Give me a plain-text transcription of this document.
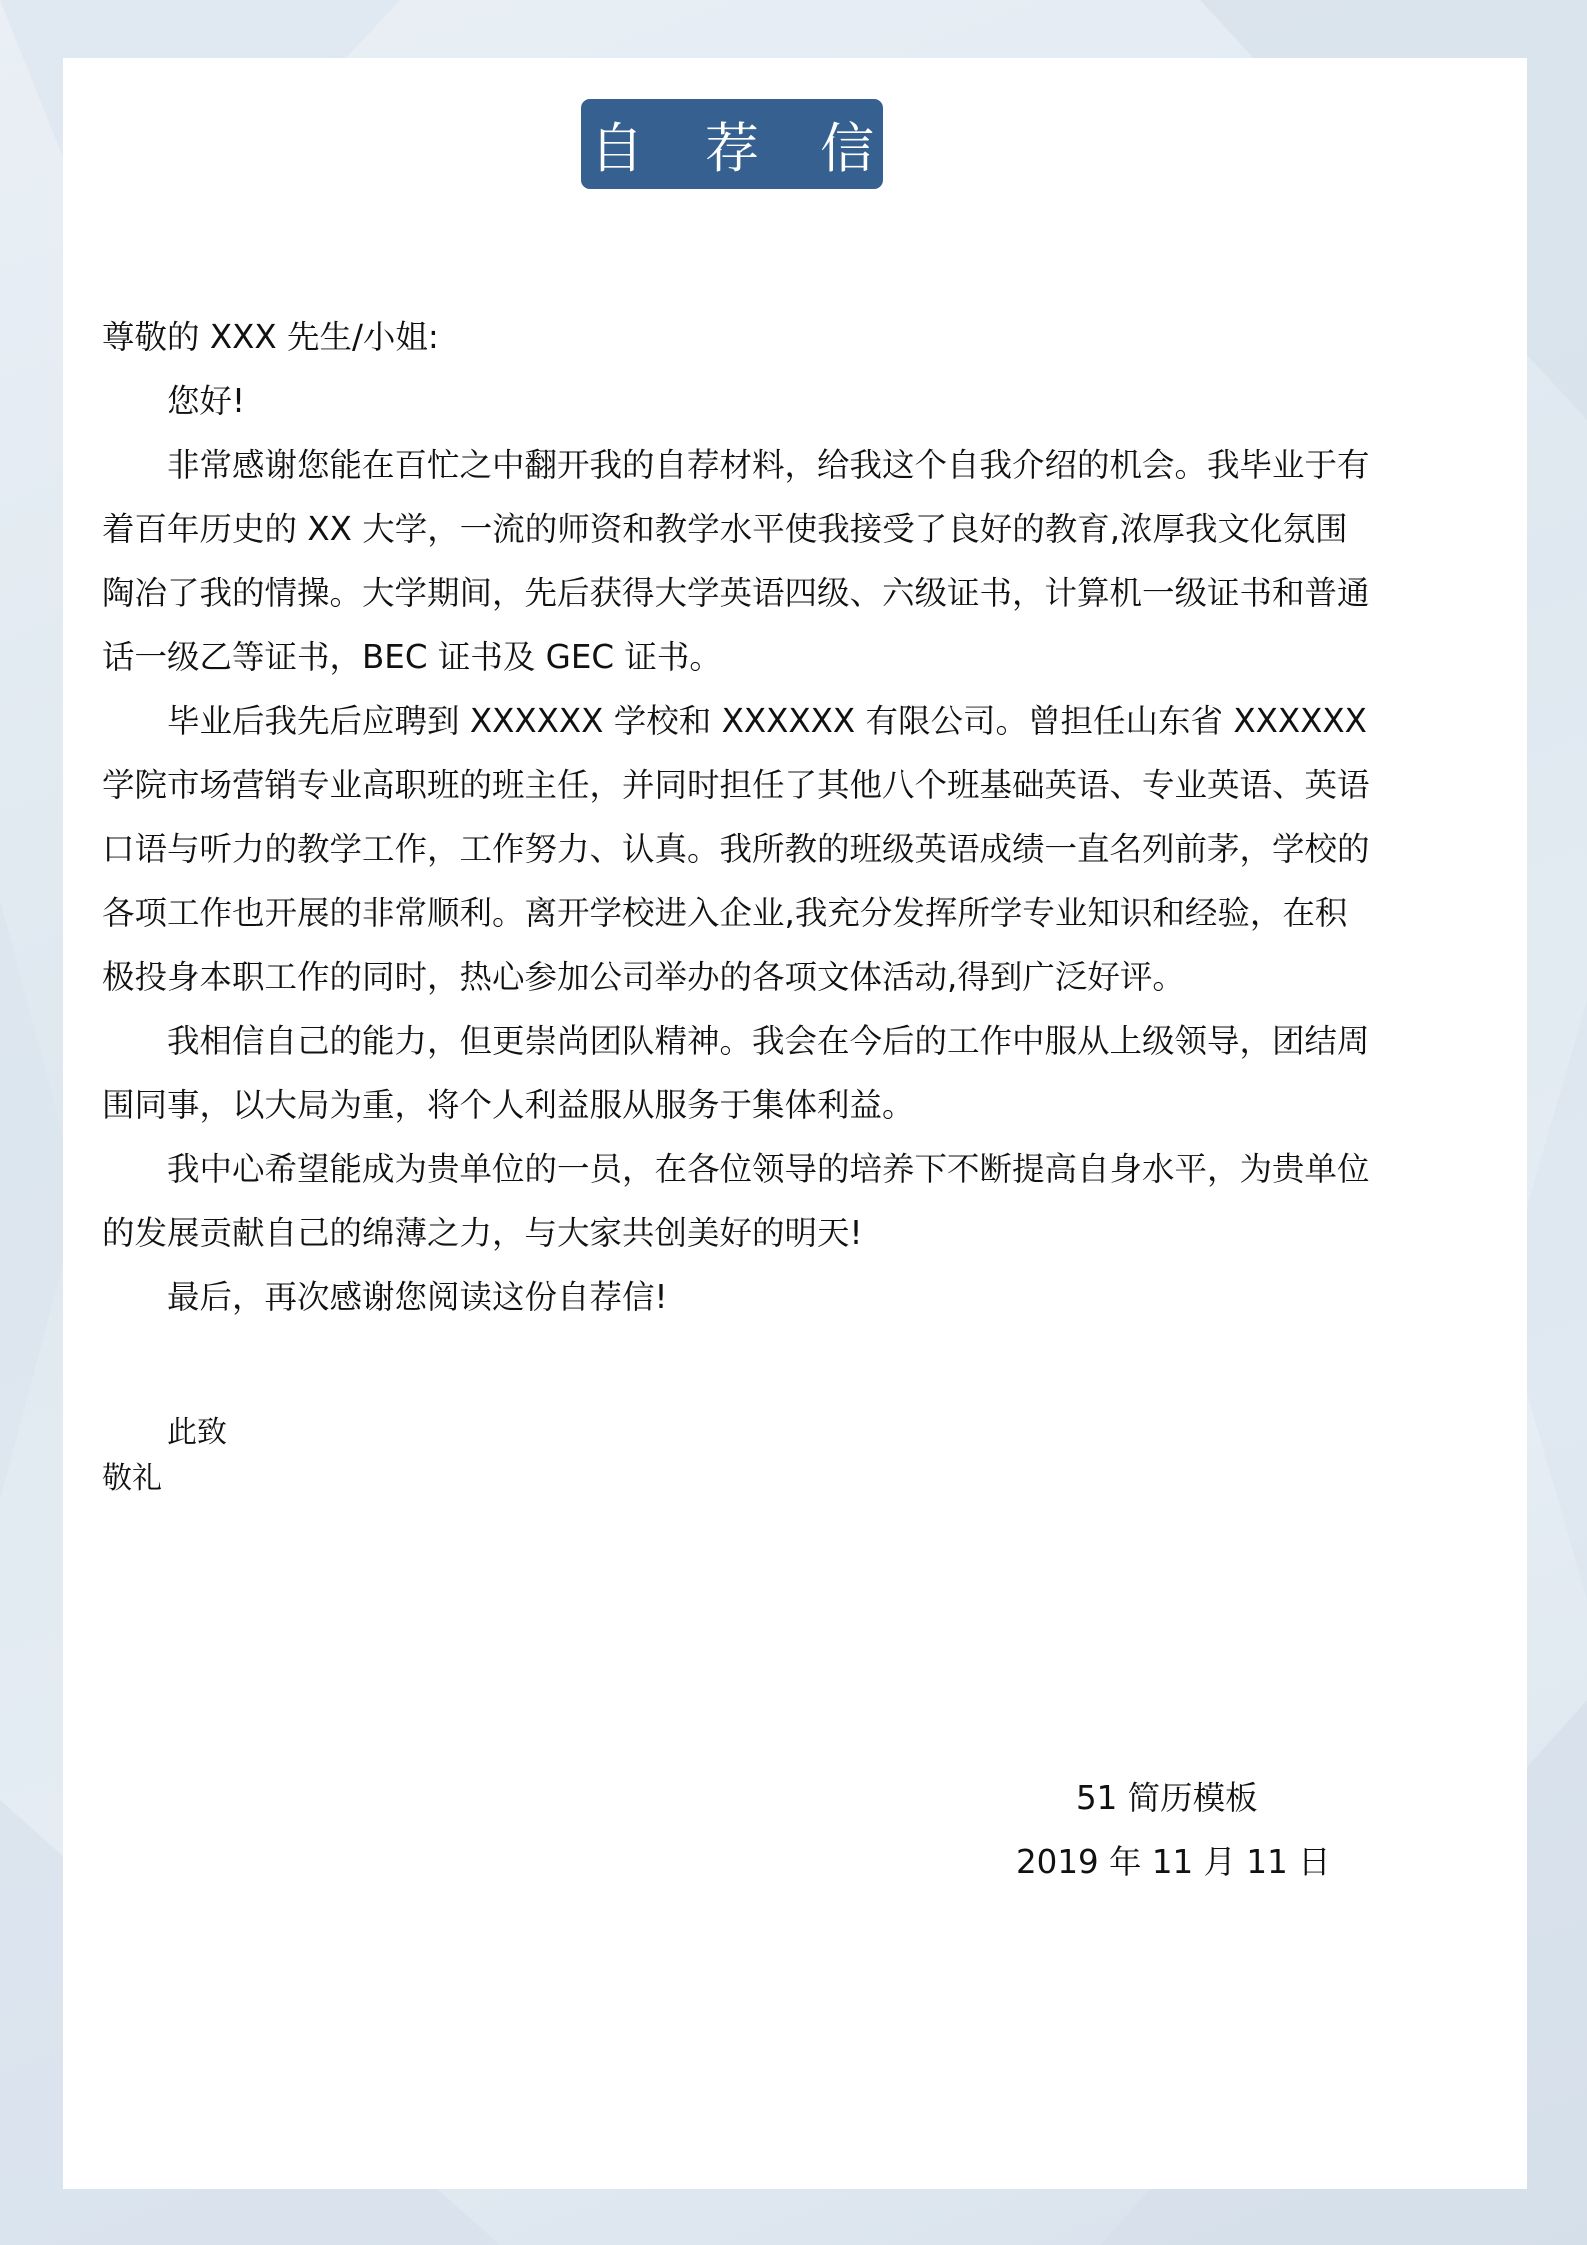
自 荐 信

尊敬的 XXX 先生/小姐:

您好!

非常感谢您能在百忙之中翻开我的自荐材料，给我这个自我介绍的机会。我毕业于有着百年历史的 XX 大学，一流的师资和教学水平使我接受了良好的教育,浓厚我文化氛围陶冶了我的情操。大学期间，先后获得大学英语四级、六级证书，计算机一级证书和普通话一级乙等证书，BEC 证书及 GEC 证书。

毕业后我先后应聘到 XXXXXX 学校和 XXXXXX 有限公司。曾担任山东省 XXXXXX 学院市场营销专业高职班的班主任，并同时担任了其他八个班基础英语、专业英语、英语口语与听力的教学工作，工作努力、认真。我所教的班级英语成绩一直名列前茅，学校的各项工作也开展的非常顺利。离开学校进入企业,我充分发挥所学专业知识和经验，在积极投身本职工作的同时，热心参加公司举办的各项文体活动,得到广泛好评。

我相信自己的能力，但更崇尚团队精神。我会在今后的工作中服从上级领导，团结周围同事，以大局为重，将个人利益服从服务于集体利益。

我中心希望能成为贵单位的一员，在各位领导的培养下不断提高自身水平，为贵单位的发展贡献自己的绵薄之力，与大家共创美好的明天!

最后，再次感谢您阅读这份自荐信!

此致
敬礼
51 简历模板
2019 年 11 月 11 日
